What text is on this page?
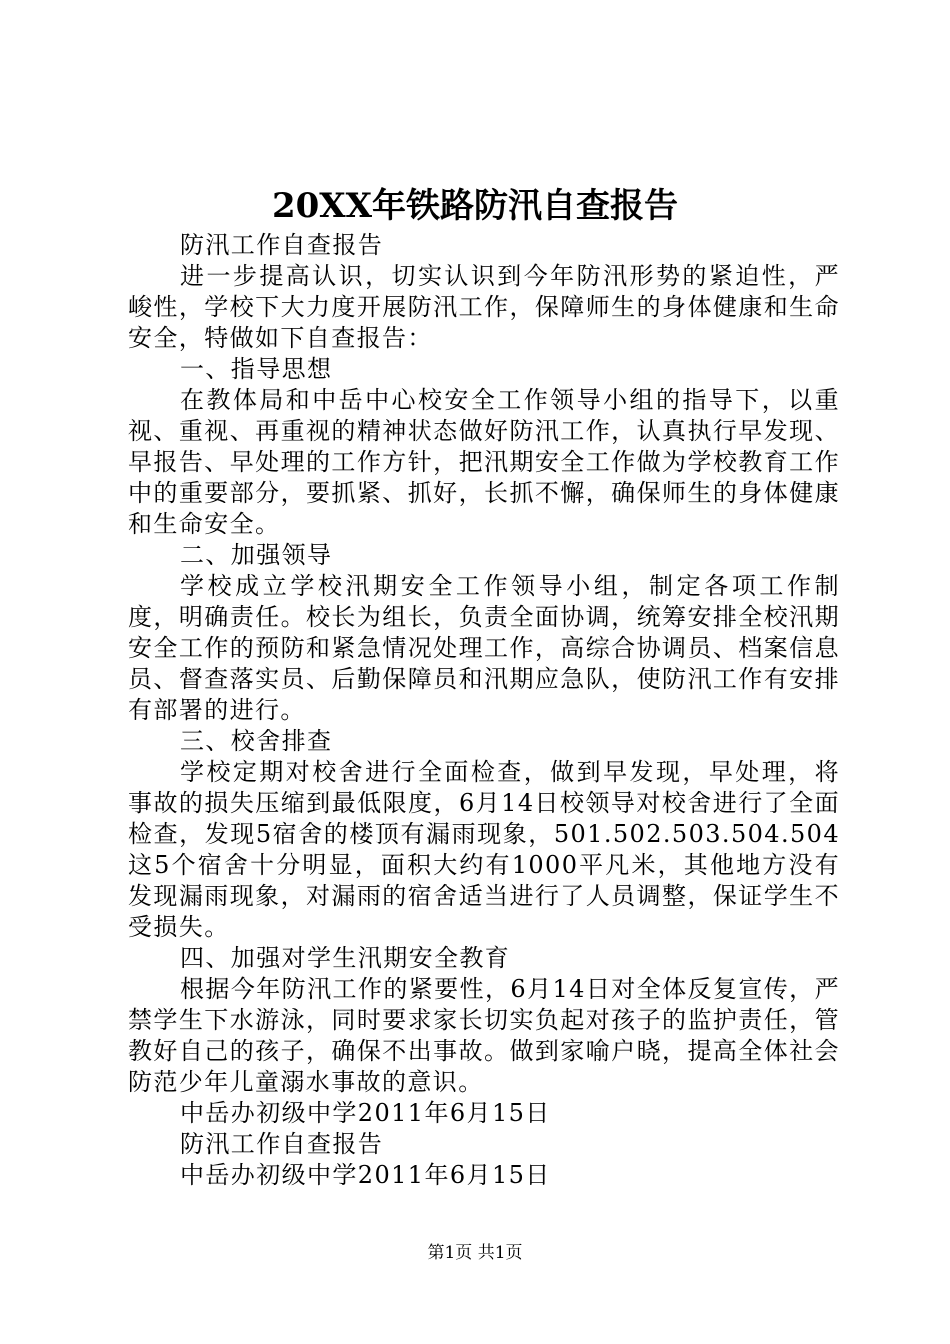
20XX年铁路防汛自查报告

防汛工作自查报告

进一步提高认识，切实认识到今年防汛形势的紧迫性，严峻性，学校下大力度开展防汛工作，保障师生的身体健康和生命安全，特做如下自查报告：

一、指导思想

在教体局和中岳中心校安全工作领导小组的指导下，以重视、重视、再重视的精神状态做好防汛工作，认真执行早发现、早报告、早处理的工作方针，把汛期安全工作做为学校教育工作中的重要部分，要抓紧、抓好，长抓不懈，确保师生的身体健康和生命安全。

二、加强领导

学校成立学校汛期安全工作领导小组，制定各项工作制度，明确责任。校长为组长，负责全面协调，统筹安排全校汛期安全工作的预防和紧急情况处理工作，高综合协调员、档案信息员、督查落实员、后勤保障员和汛期应急队，使防汛工作有安排有部署的进行。

三、校舍排查

学校定期对校舍进行全面检查，做到早发现，早处理，将事故的损失压缩到最低限度，6月14日校领导对校舍进行了全面检查，发现5宿舍的楼顶有漏雨现象，501.502.503.504.504这5个宿舍十分明显，面积大约有1000平凡米，其他地方没有发现漏雨现象，对漏雨的宿舍适当进行了人员调整，保证学生不受损失。

四、加强对学生汛期安全教育

根据今年防汛工作的紧要性，6月14日对全体反复宣传，严禁学生下水游泳，同时要求家长切实负起对孩子的监护责任，管教好自己的孩子，确保不出事故。做到家喻户晓，提高全体社会防范少年儿童溺水事故的意识。

中岳办初级中学2011年6月15日

防汛工作自查报告

中岳办初级中学2011年6月15日

第1页 共1页
